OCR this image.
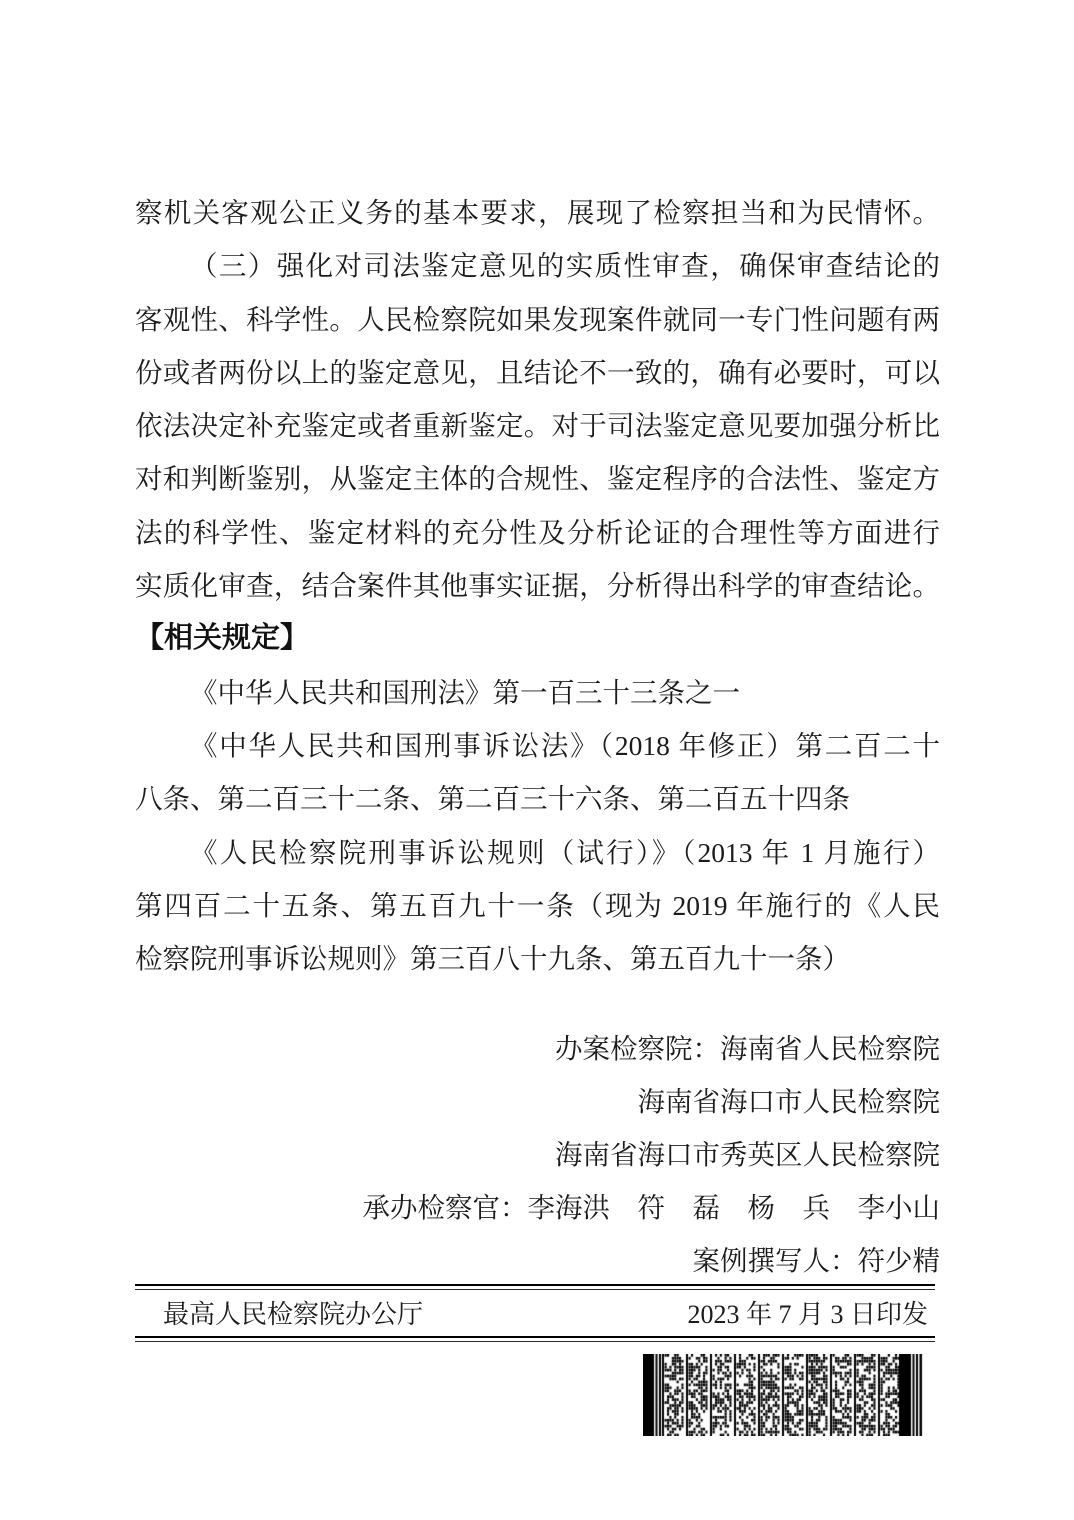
察机关客观公正义务的基本要求，展现了检察担当和为民情怀。

（三）强化对司法鉴定意见的实质性审查，确保审查结论的

客观性、科学性。人民检察院如果发现案件就同一专门性问题有两

份或者两份以上的鉴定意见，且结论不一致的，确有必要时，可以

依法决定补充鉴定或者重新鉴定。对于司法鉴定意见要加强分析比

对和判断鉴别，从鉴定主体的合规性、鉴定程序的合法性、鉴定方

法的科学性、鉴定材料的充分性及分析论证的合理性等方面进行

实质化审查，结合案件其他事实证据，分析得出科学的审查结论。

【相关规定】

《中华人民共和国刑法》第一百三十三条之一

《中华人民共和国刑事诉讼法》（2018 年修正）第二百二十

八条、第二百三十二条、第二百三十六条、第二百五十四条

《人民检察院刑事诉讼规则（试行）》（2013 年 1 月施行）

第四百二十五条、第五百九十一条（现为 2019 年施行的《人民

检察院刑事诉讼规则》第三百八十九条、第五百九十一条）

办案检察院：海南省人民检察院

海南省海口市人民检察院

海南省海口市秀英区人民检察院

承办检察官：李海洪　符　磊　杨　兵　李小山

案例撰写人：符少精

最高人民检察院办公厅	2023 年 7 月 3 日印发
